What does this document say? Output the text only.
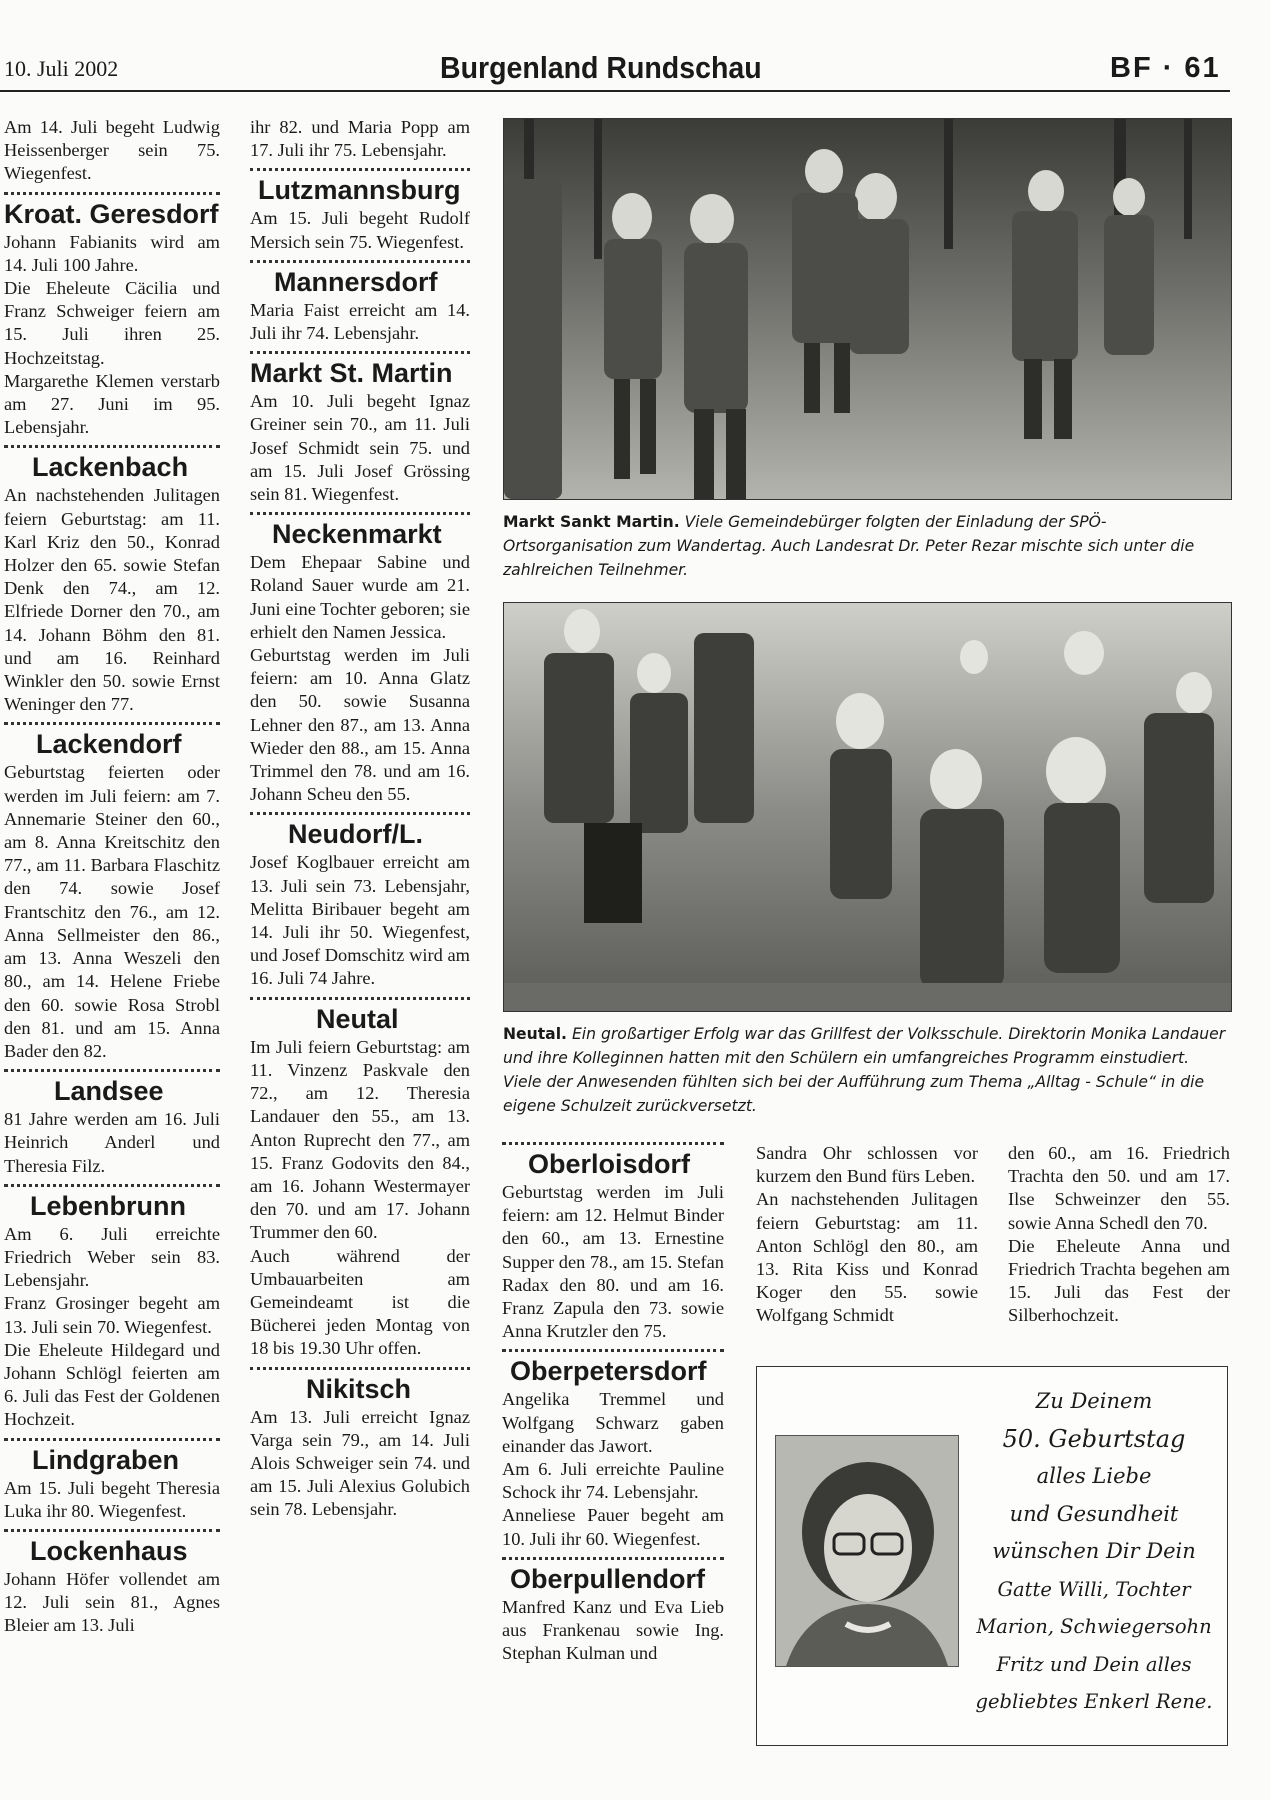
10. Juli 2002	Burgenland Rundschau	BF · 61

Am 14. Juli begeht Ludwig Heissenberger sein 75. Wiegenfest.

Kroat. Geresdorf

Johann Fabianits wird am 14. Juli 100 Jahre.

Die Eheleute Cäcilia und Franz Schweiger feiern am 15. Juli ihren 25. Hochzeitstag.

Margarethe Klemen verstarb am 27. Juni im 95. Lebensjahr.

Lackenbach

An nachstehenden Julitagen feiern Geburtstag: am 11. Karl Kriz den 50., Konrad Holzer den 65. sowie Stefan Denk den 74., am 12. Elfriede Dorner den 70., am 14. Johann Böhm den 81. und am 16. Reinhard Winkler den 50. sowie Ernst Weninger den 77.

Lackendorf

Geburtstag feierten oder werden im Juli feiern: am 7. Annemarie Steiner den 60., am 8. Anna Kreitschitz den 77., am 11. Barbara Flaschitz den 74. sowie Josef Frantschitz den 76., am 12. Anna Sellmeister den 86., am 13. Anna Weszeli den 80., am 14. Helene Friebe den 60. sowie Rosa Strobl den 81. und am 15. Anna Bader den 82.

Landsee

81 Jahre werden am 16. Juli Heinrich Anderl und Theresia Filz.

Lebenbrunn

Am 6. Juli erreichte Friedrich Weber sein 83. Lebensjahr.

Franz Grosinger begeht am 13. Juli sein 70. Wiegenfest.

Die Eheleute Hildegard und Johann Schlögl feierten am 6. Juli das Fest der Goldenen Hochzeit.

Lindgraben

Am 15. Juli begeht Theresia Luka ihr 80. Wiegenfest.

Lockenhaus

Johann Höfer vollendet am 12. Juli sein 81., Agnes Bleier am 13. Juli

ihr 82. und Maria Popp am 17. Juli ihr 75. Lebensjahr.

Lutzmannsburg

Am 15. Juli begeht Rudolf Mersich sein 75. Wiegenfest.

Mannersdorf

Maria Faist erreicht am 14. Juli ihr 74. Lebensjahr.

Markt St. Martin

Am 10. Juli begeht Ignaz Greiner sein 70., am 11. Juli Josef Schmidt sein 75. und am 15. Juli Josef Grössing sein 81. Wiegenfest.

Neckenmarkt

Dem Ehepaar Sabine und Roland Sauer wurde am 21. Juni eine Tochter geboren; sie erhielt den Namen Jessica.

Geburtstag werden im Juli feiern: am 10. Anna Glatz den 50. sowie Susanna Lehner den 87., am 13. Anna Wieder den 88., am 15. Anna Trimmel den 78. und am 16. Johann Scheu den 55.

Neudorf/L.

Josef Koglbauer erreicht am 13. Juli sein 73. Lebensjahr, Melitta Biribauer begeht am 14. Juli ihr 50. Wiegenfest, und Josef Domschitz wird am 16. Juli 74 Jahre.

Neutal

Im Juli feiern Geburtstag: am 11. Vinzenz Paskvale den 72., am 12. Theresia Landauer den 55., am 13. Anton Ruprecht den 77., am 15. Franz Godovits den 84., am 16. Johann Westermayer den 70. und am 17. Johann Trummer den 60.

Auch während der Umbauarbeiten am Gemeindeamt ist die Bücherei jeden Montag von 18 bis 19.30 Uhr offen.

Nikitsch

Am 13. Juli erreicht Ignaz Varga sein 79., am 14. Juli Alois Schweiger sein 74. und am 15. Juli Alexius Golubich sein 78. Lebensjahr.

Markt Sankt Martin. Viele Gemeindebürger folgten der Einladung der SPÖ-Ortsorganisation zum Wandertag. Auch Landesrat Dr. Peter Rezar mischte sich unter die zahlreichen Teilnehmer.
Neutal. Ein großartiger Erfolg war das Grillfest der Volksschule. Direktorin Monika Landauer und ihre Kolleginnen hatten mit den Schülern ein umfangreiches Programm einstudiert. Viele der Anwesenden fühlten sich bei der Aufführung zum Thema „Alltag - Schule“ in die eigene Schulzeit zurückversetzt.
Oberloisdorf

Geburtstag werden im Juli feiern: am 12. Helmut Binder den 60., am 13. Ernestine Supper den 78., am 15. Stefan Radax den 80. und am 16. Franz Zapula den 73. sowie Anna Krutzler den 75.

Oberpetersdorf

Angelika Tremmel und Wolfgang Schwarz gaben einander das Jawort.

Am 6. Juli erreichte Pauline Schock ihr 74. Lebensjahr.

Anneliese Pauer begeht am 10. Juli ihr 60. Wiegenfest.

Oberpullendorf

Manfred Kanz und Eva Lieb aus Frankenau sowie Ing. Stephan Kulman und

Sandra Ohr schlossen vor kurzem den Bund fürs Leben.

An nachstehenden Julitagen feiern Geburtstag: am 11. Anton Schlögl den 80., am 13. Rita Kiss und Konrad Koger den 55. sowie Wolfgang Schmidt

den 60., am 16. Friedrich Trachta den 50. und am 17. Ilse Schweinzer den 55. sowie Anna Schedl den 70.

Die Eheleute Anna und Friedrich Trachta begehen am 15. Juli das Fest der Silberhochzeit.

Zu Deinem
50. Geburtstag
alles Liebe
und Gesundheit
wünschen Dir Dein
Gatte Willi, Tochter
Marion, Schwiegersohn
Fritz und Dein alles
gebliebtes Enkerl Rene.
